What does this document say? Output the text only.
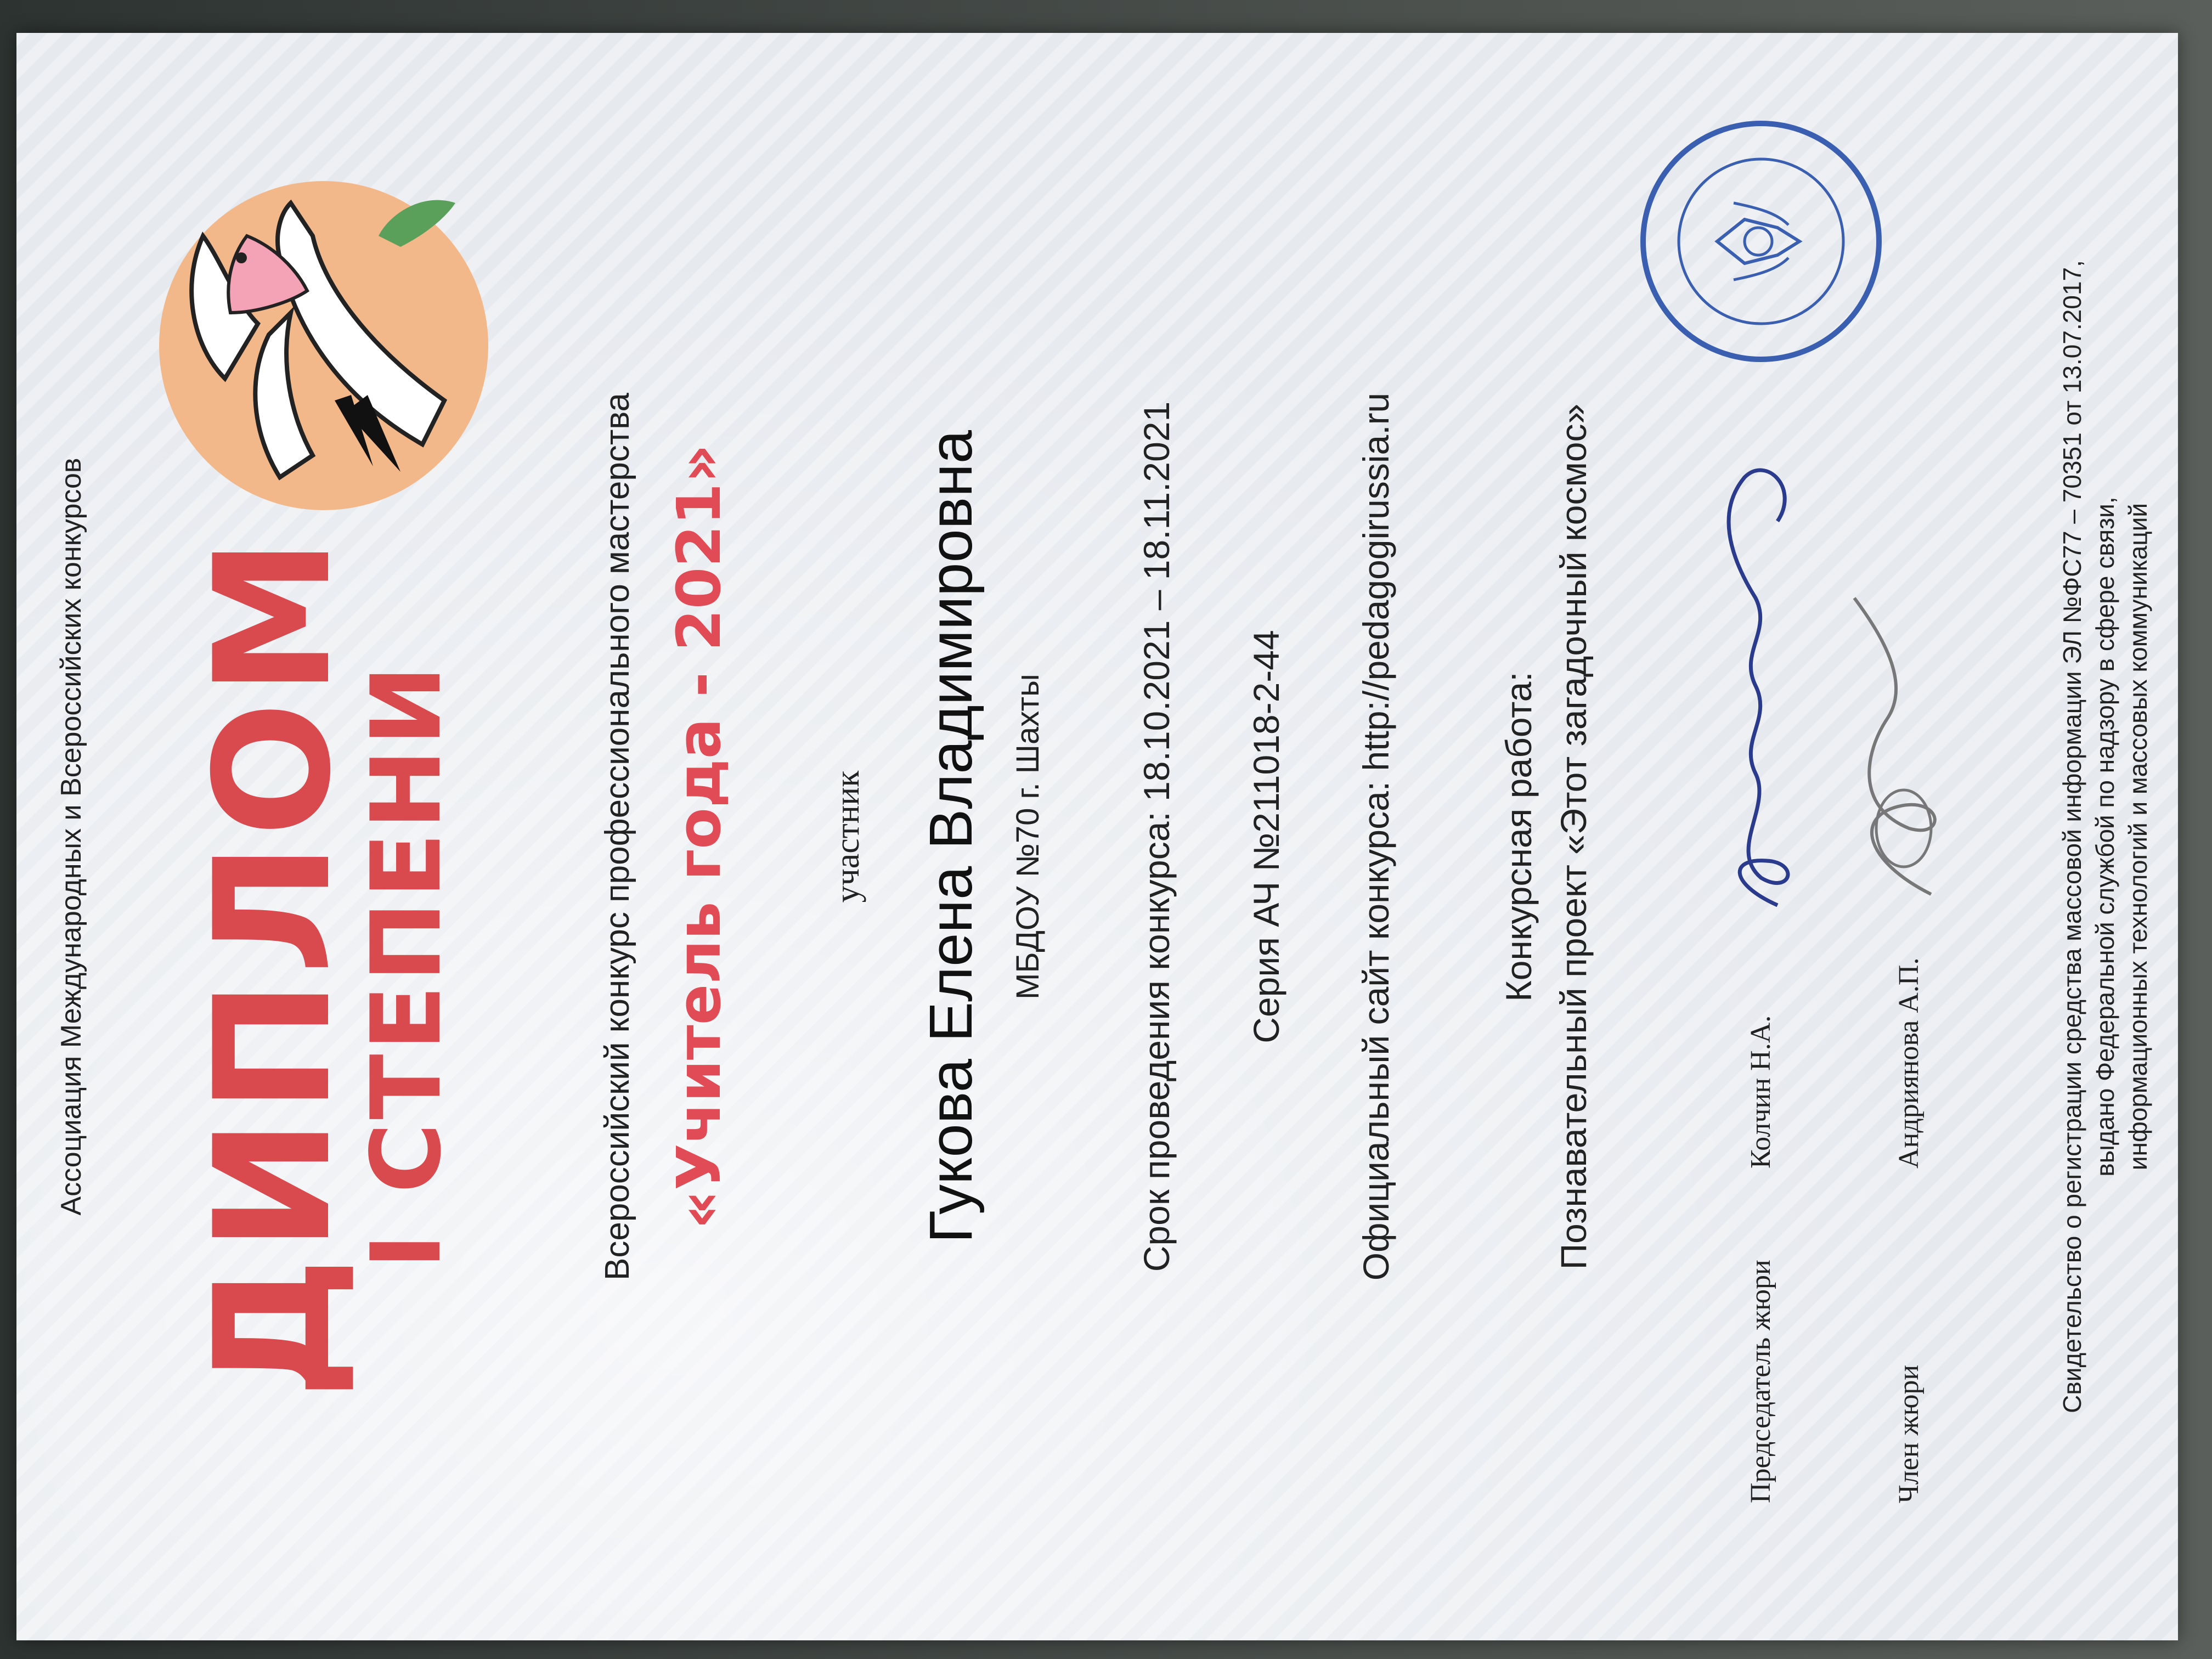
Ассоциация Международных и Всероссийских конкурсов ДИПЛОМ
I СТЕПЕНИ	Всероссийский конкурс профессионального мастерства «Учитель года - 2021»	участник Гукова Елена Владимировна МБДОУ №70 г. Шахты	Срок проведения конкурса: 18.10.2021 – 18.11.2021 Серия АЧ №211018-2-44 Официальный сайт конкурса: http://pedagogirussia.ru	Конкурсная работа: Познавательный проект «Этот загадочный космос»
Председатель жюри
Колчин Н.А.
Член жюри
Андриянова А.П.	Свидетельство о регистрации средства массовой информации ЭЛ №ФС77 – 70351 от 13.07.2017, выдано Федеральной службой по надзору в сфере связи, информационных технологий и массовых коммуникаций
